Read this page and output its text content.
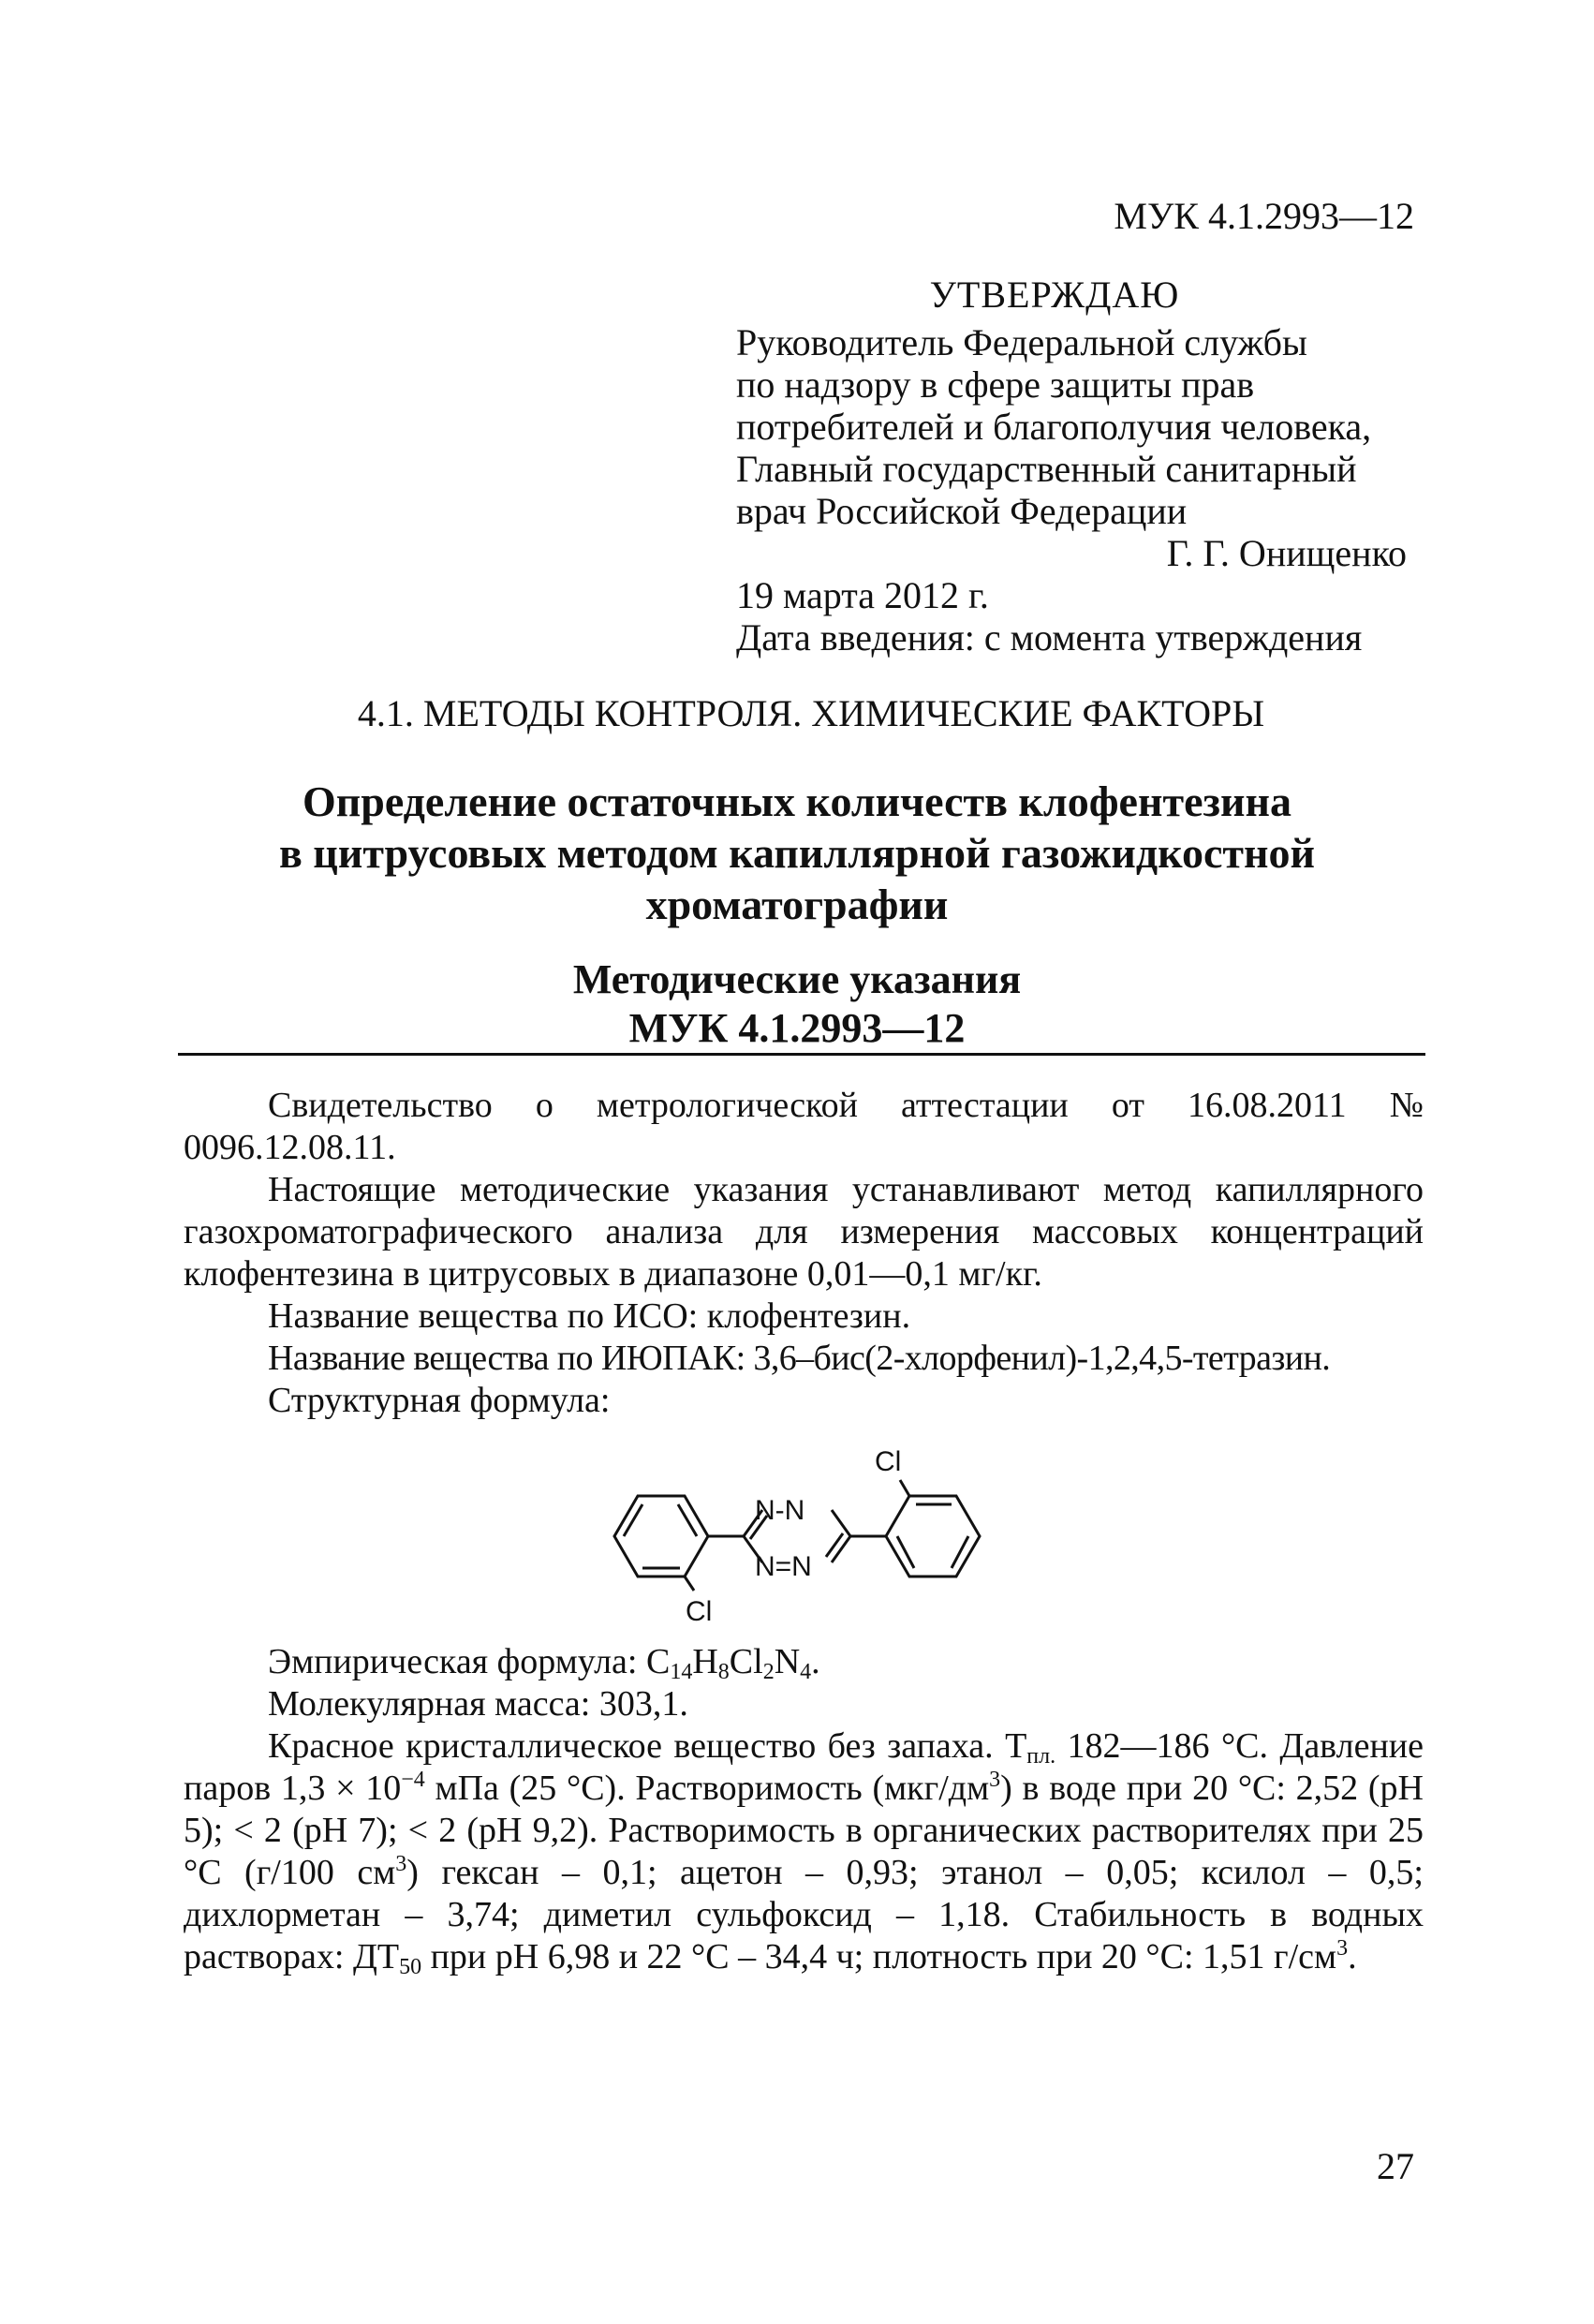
МУК 4.1.2993—12
УТВЕРЖДАЮ
Руководитель Федеральной службы
по надзору в сфере защиты прав
потребителей и благополучия человека,
Главный государственный санитарный
врач Российской Федерации
Г. Г. Онищенко
19 марта 2012 г.
Дата введения: с момента утверждения
4.1. МЕТОДЫ КОНТРОЛЯ. ХИМИЧЕСКИЕ ФАКТОРЫ
Определение остаточных количеств клофентезина
в цитрусовых методом капиллярной газожидкостной
хроматографии
Методические указания
МУК 4.1.2993—12

Свидетельство о метрологической аттестации от 16.08.2011 № 0096.12.08.11.

Настоящие методические указания устанавливают метод капиллярного газохроматографического анализа для измерения массовых концентраций клофентезина в цитрусовых в диапазоне 0,01—0,1 мг/кг.

Название вещества по ИСО: клофентезин.

Название вещества по ИЮПАК: 3,6–бис(2-хлорфенил)-1,2,4,5-тетразин.

Структурная формула:

N-N
N=N
Cl
Cl

Эмпирическая формула: $C_{14}H_8Cl_2N_4$.

Молекулярная масса: 303,1.

Красное кристаллическое вещество без запаха. $T_{пл.}$ 182—186 °С. Давление паров $1,3 \times 10^{-4}$ мПа (25 °С). Растворимость $(мкг/дм^3)$ в воде при 20 °С: 2,52 (pH 5); < 2 (pH 7); < 2 (pH 9,2). Растворимость в органических растворителях при 25 °С (г/100 $см^3$) гексан – 0,1; ацетон – 0,93; этанол – 0,05; ксилол – 0,5; дихлорметан – 3,74; диметил сульфоксид – 1,18. Стабильность в водных растворах: $ДТ_{50}$ при pH 6,98 и 22 °С – 34,4 ч; плотность при 20 °С: 1,51 $г/см^3$.

27
